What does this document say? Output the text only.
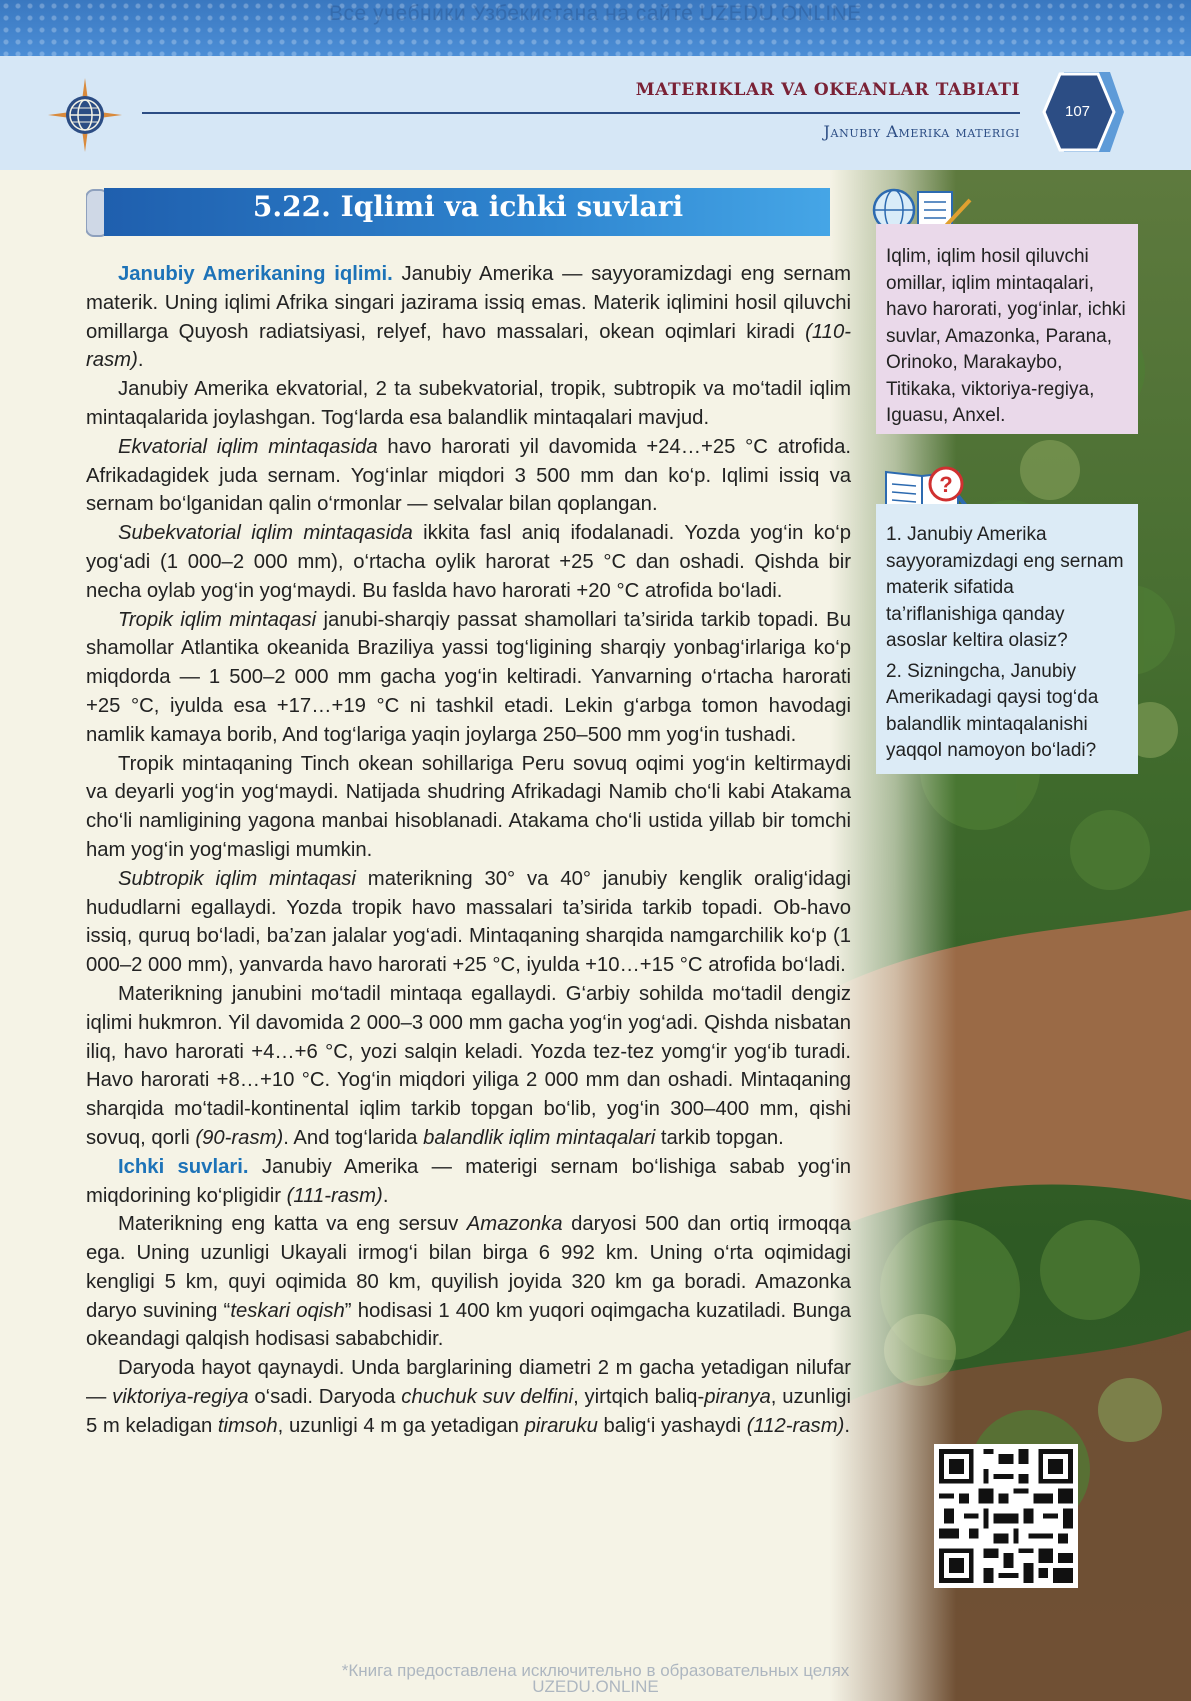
Все учебники Узбекистана на сайте UZEDU.ONLINE
MATERIKLAR VA OKEANLAR TABIATI
Janubiy Amerika materigi
107
5.22. Iqlimi va ichki suvlari
Iqlim, iqlim hosil qiluvchi omillar, iqlim mintaqalari, havo harorati, yog‘inlar, ichki suvlar, Amazonka, Parana, Orinoko, Marakaybo, Titikaka, viktoriya-regiya, Iguasu, Anxel.
?
1. Janubiy Amerika sayyoramizdagi eng sernam materik sifatida ta’riflanishiga qanday asoslar keltira olasiz?
2. Sizningcha, Janubiy Amerikadagi qaysi tog‘da balandlik mintaqalanishi yaqqol namoyon bo‘ladi?

Janubiy Amerikaning iqlimi. Janubiy Amerika — sayyoramizdagi eng sernam materik. Uning iqlimi Afrika singari jazirama issiq emas. Materik iqlimini hosil qiluvchi omillarga Quyosh radiatsiyasi, relyef, havo massalari, okean oqimlari kiradi (110-rasm).

Janubiy Amerika ekvatorial, 2 ta subekvatorial, tropik, subtropik va mo‘tadil iqlim mintaqalarida joylashgan. Tog‘larda esa balandlik mintaqalari mavjud.

Ekvatorial iqlim mintaqasida havo harorati yil davomida +24…+25 °C atrofida. Afrikadagidek juda sernam. Yog‘inlar miqdori 3 500 mm dan ko‘p. Iqlimi issiq va sernam bo‘lganidan qalin o‘rmonlar — selvalar bilan qoplangan.

Subekvatorial iqlim mintaqasida ikkita fasl aniq ifodalanadi. Yozda yog‘in ko‘p yog‘adi (1 000–2 000 mm), o‘rtacha oylik harorat +25 °C dan oshadi. Qishda bir necha oylab yog‘in yog‘maydi. Bu faslda havo harorati +20 °C atrofida bo‘ladi.

Tropik iqlim mintaqasi janubi-sharqiy passat shamollari ta’sirida tarkib topadi. Bu shamollar Atlantika okeanida Braziliya yassi tog‘ligining sharqiy yonbag‘irlariga ko‘p miqdorda — 1 500–2 000 mm gacha yog‘in keltiradi. Yanvarning o‘rtacha harorati +25 °C, iyulda esa +17…+19 °C ni tashkil etadi. Lekin g‘arbga tomon havodagi namlik kamaya borib, And tog‘lariga yaqin joylarga 250–500 mm yog‘in tushadi.

Tropik mintaqaning Tinch okean sohillariga Peru sovuq oqimi yog‘in keltirmaydi va deyarli yog‘in yog‘maydi. Natijada shudring Afrikadagi Namib cho‘li kabi Atakama cho‘li namligining yagona manbai hisoblanadi. Atakama cho‘li ustida yillab bir tomchi ham yog‘in yog‘masligi mumkin.

Subtropik iqlim mintaqasi materikning 30° va 40° janubiy kenglik oralig‘idagi hududlarni egallaydi. Yozda tropik havo massalari ta’sirida tarkib topadi. Ob-havo issiq, quruq bo‘ladi, ba’zan jalalar yog‘adi. Mintaqaning sharqida namgarchilik ko‘p (1 000–2 000 mm), yanvarda havo harorati +25 °C, iyulda +10…+15 °C atrofida bo‘ladi.

Materikning janubini mo‘tadil mintaqa egallaydi. G‘arbiy sohilda mo‘tadil dengiz iqlimi hukmron. Yil davomida 2 000–3 000 mm gacha yog‘in yog‘adi. Qishda nisbatan iliq, havo harorati +4…+6 °C, yozi salqin keladi. Yozda tez-tez yomg‘ir yog‘ib turadi. Havo harorati +8…+10 °C. Yog‘in miqdori yiliga 2 000 mm dan oshadi. Mintaqaning sharqida mo‘tadil-kontinental iqlim tarkib topgan bo‘lib, yog‘in 300–400 mm, qishi sovuq, qorli (90-rasm). And tog‘larida balandlik iqlim mintaqalari tarkib topgan.

Ichki suvlari. Janubiy Amerika — materigi sernam bo‘lishiga sabab yog‘in miqdorining ko‘pligidir (111-rasm).

Materikning eng katta va eng sersuv Amazonka daryosi 500 dan ortiq irmoqqa ega. Uning uzunligi Ukayali irmog‘i bilan birga 6 992 km. Uning o‘rta oqimidagi kengligi 5 km, quyi oqimida 80 km, quyilish joyida 320 km ga boradi. Amazonka daryo suvining “teskari oqish” hodisasi 1 400 km yuqori oqimgacha kuzatiladi. Bunga okeandagi qalqish hodisasi sababchidir.

Daryoda hayot qaynaydi. Unda barglarining diametri 2 m gacha yetadigan nilufar — viktoriya-regiya o‘sadi. Daryoda chuchuk suv delfini, yirtqich baliq-piranya, uzunligi 5 m keladigan timsoh, uzunligi 4 m ga yetadigan piraruku balig‘i yashaydi (112-rasm).

*Книга предоставлена исключительно в образовательных целях
UZEDU.ONLINE
